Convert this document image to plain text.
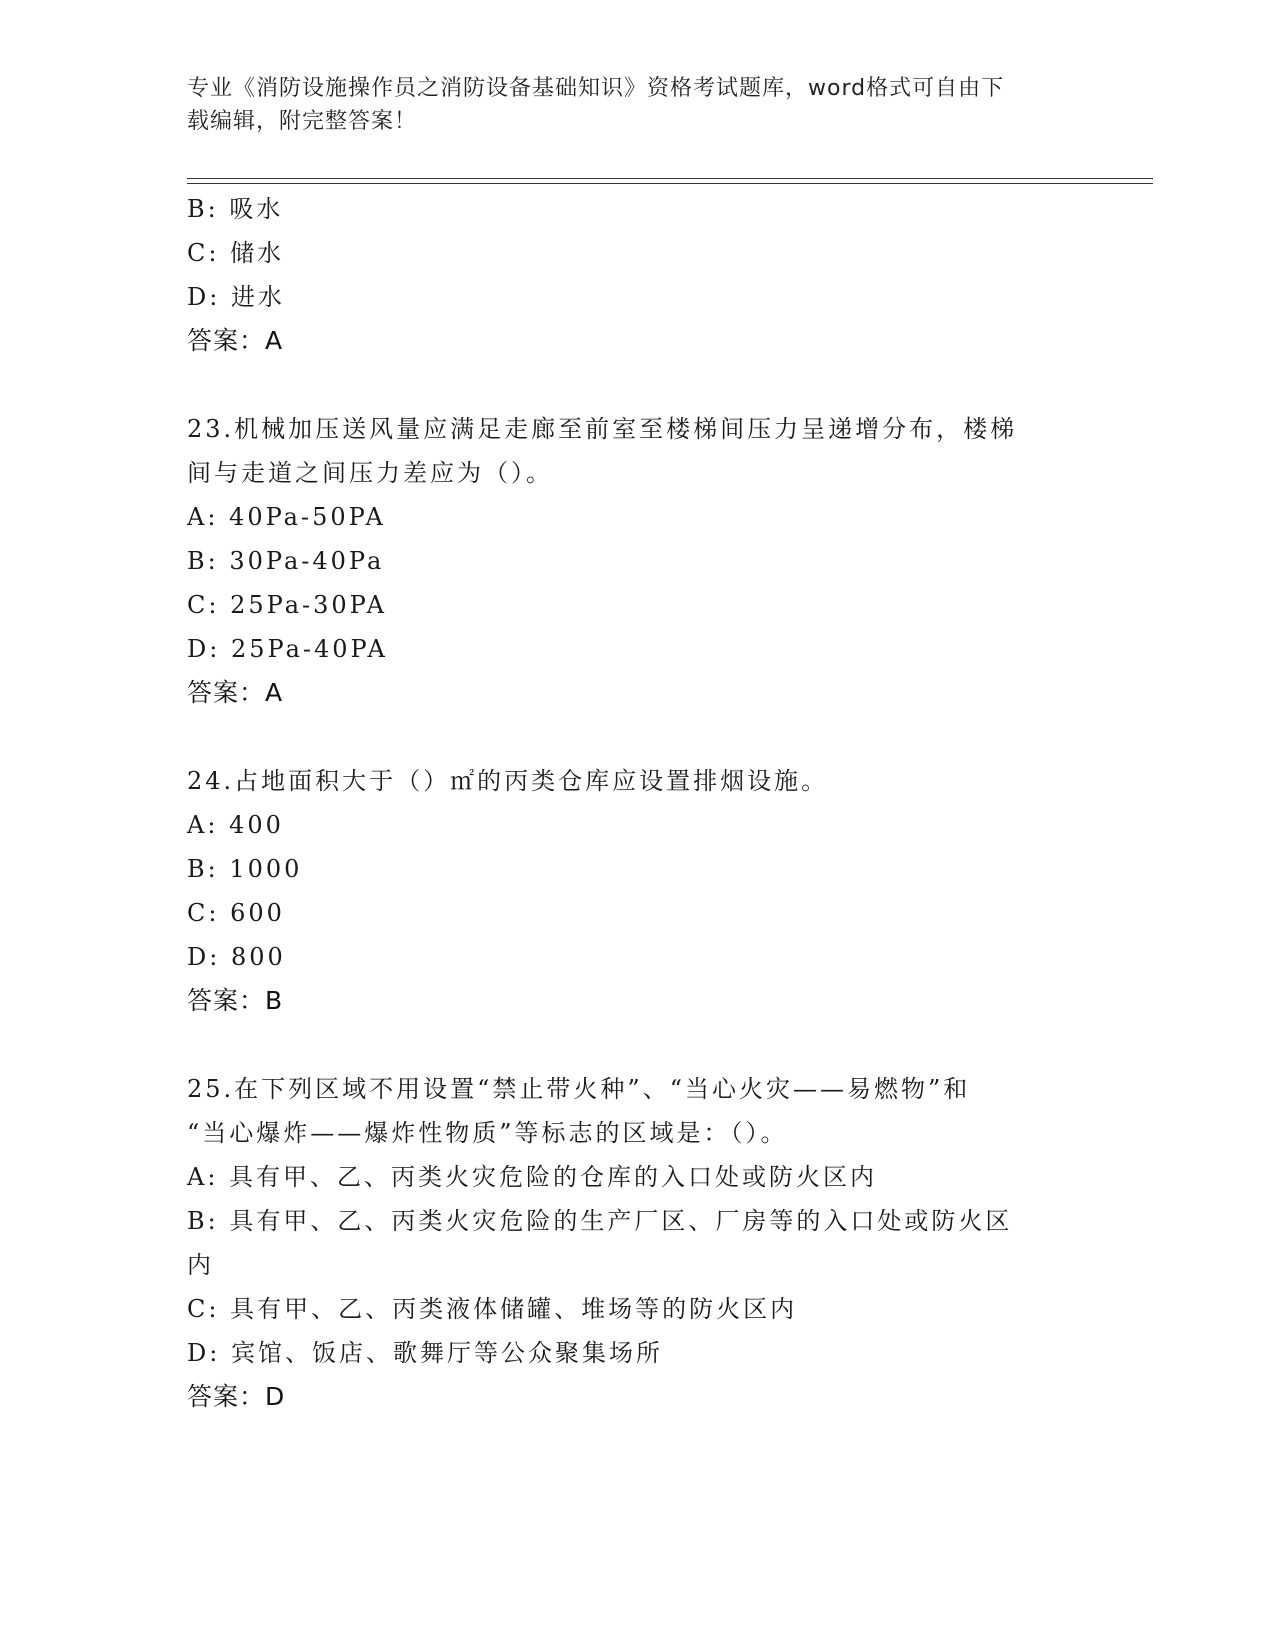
专业《消防设施操作员之消防设备基础知识》资格考试题库，word格式可自由下
载编辑，附完整答案！
B: 吸水
C: 储水
D: 进水
答案：A
23.机械加压送风量应满足走廊至前室至楼梯间压力呈递增分布，楼梯
间与走道之间压力差应为（）。
A: 40Pa-50PA
B: 30Pa-40Pa
C: 25Pa-30PA
D: 25Pa-40PA
答案：A
24.占地面积大于（）㎡的丙类仓库应设置排烟设施。
A: 400
B: 1000
C: 600
D: 800
答案：B
25.在下列区域不用设置“禁止带火种”、“当心火灾——易燃物”和
“当心爆炸——爆炸性物质”等标志的区域是：（）。
A: 具有甲、乙、丙类火灾危险的仓库的入口处或防火区内
B: 具有甲、乙、丙类火灾危险的生产厂区、厂房等的入口处或防火区
内
C: 具有甲、乙、丙类液体储罐、堆场等的防火区内
D: 宾馆、饭店、歌舞厅等公众聚集场所
答案：D
